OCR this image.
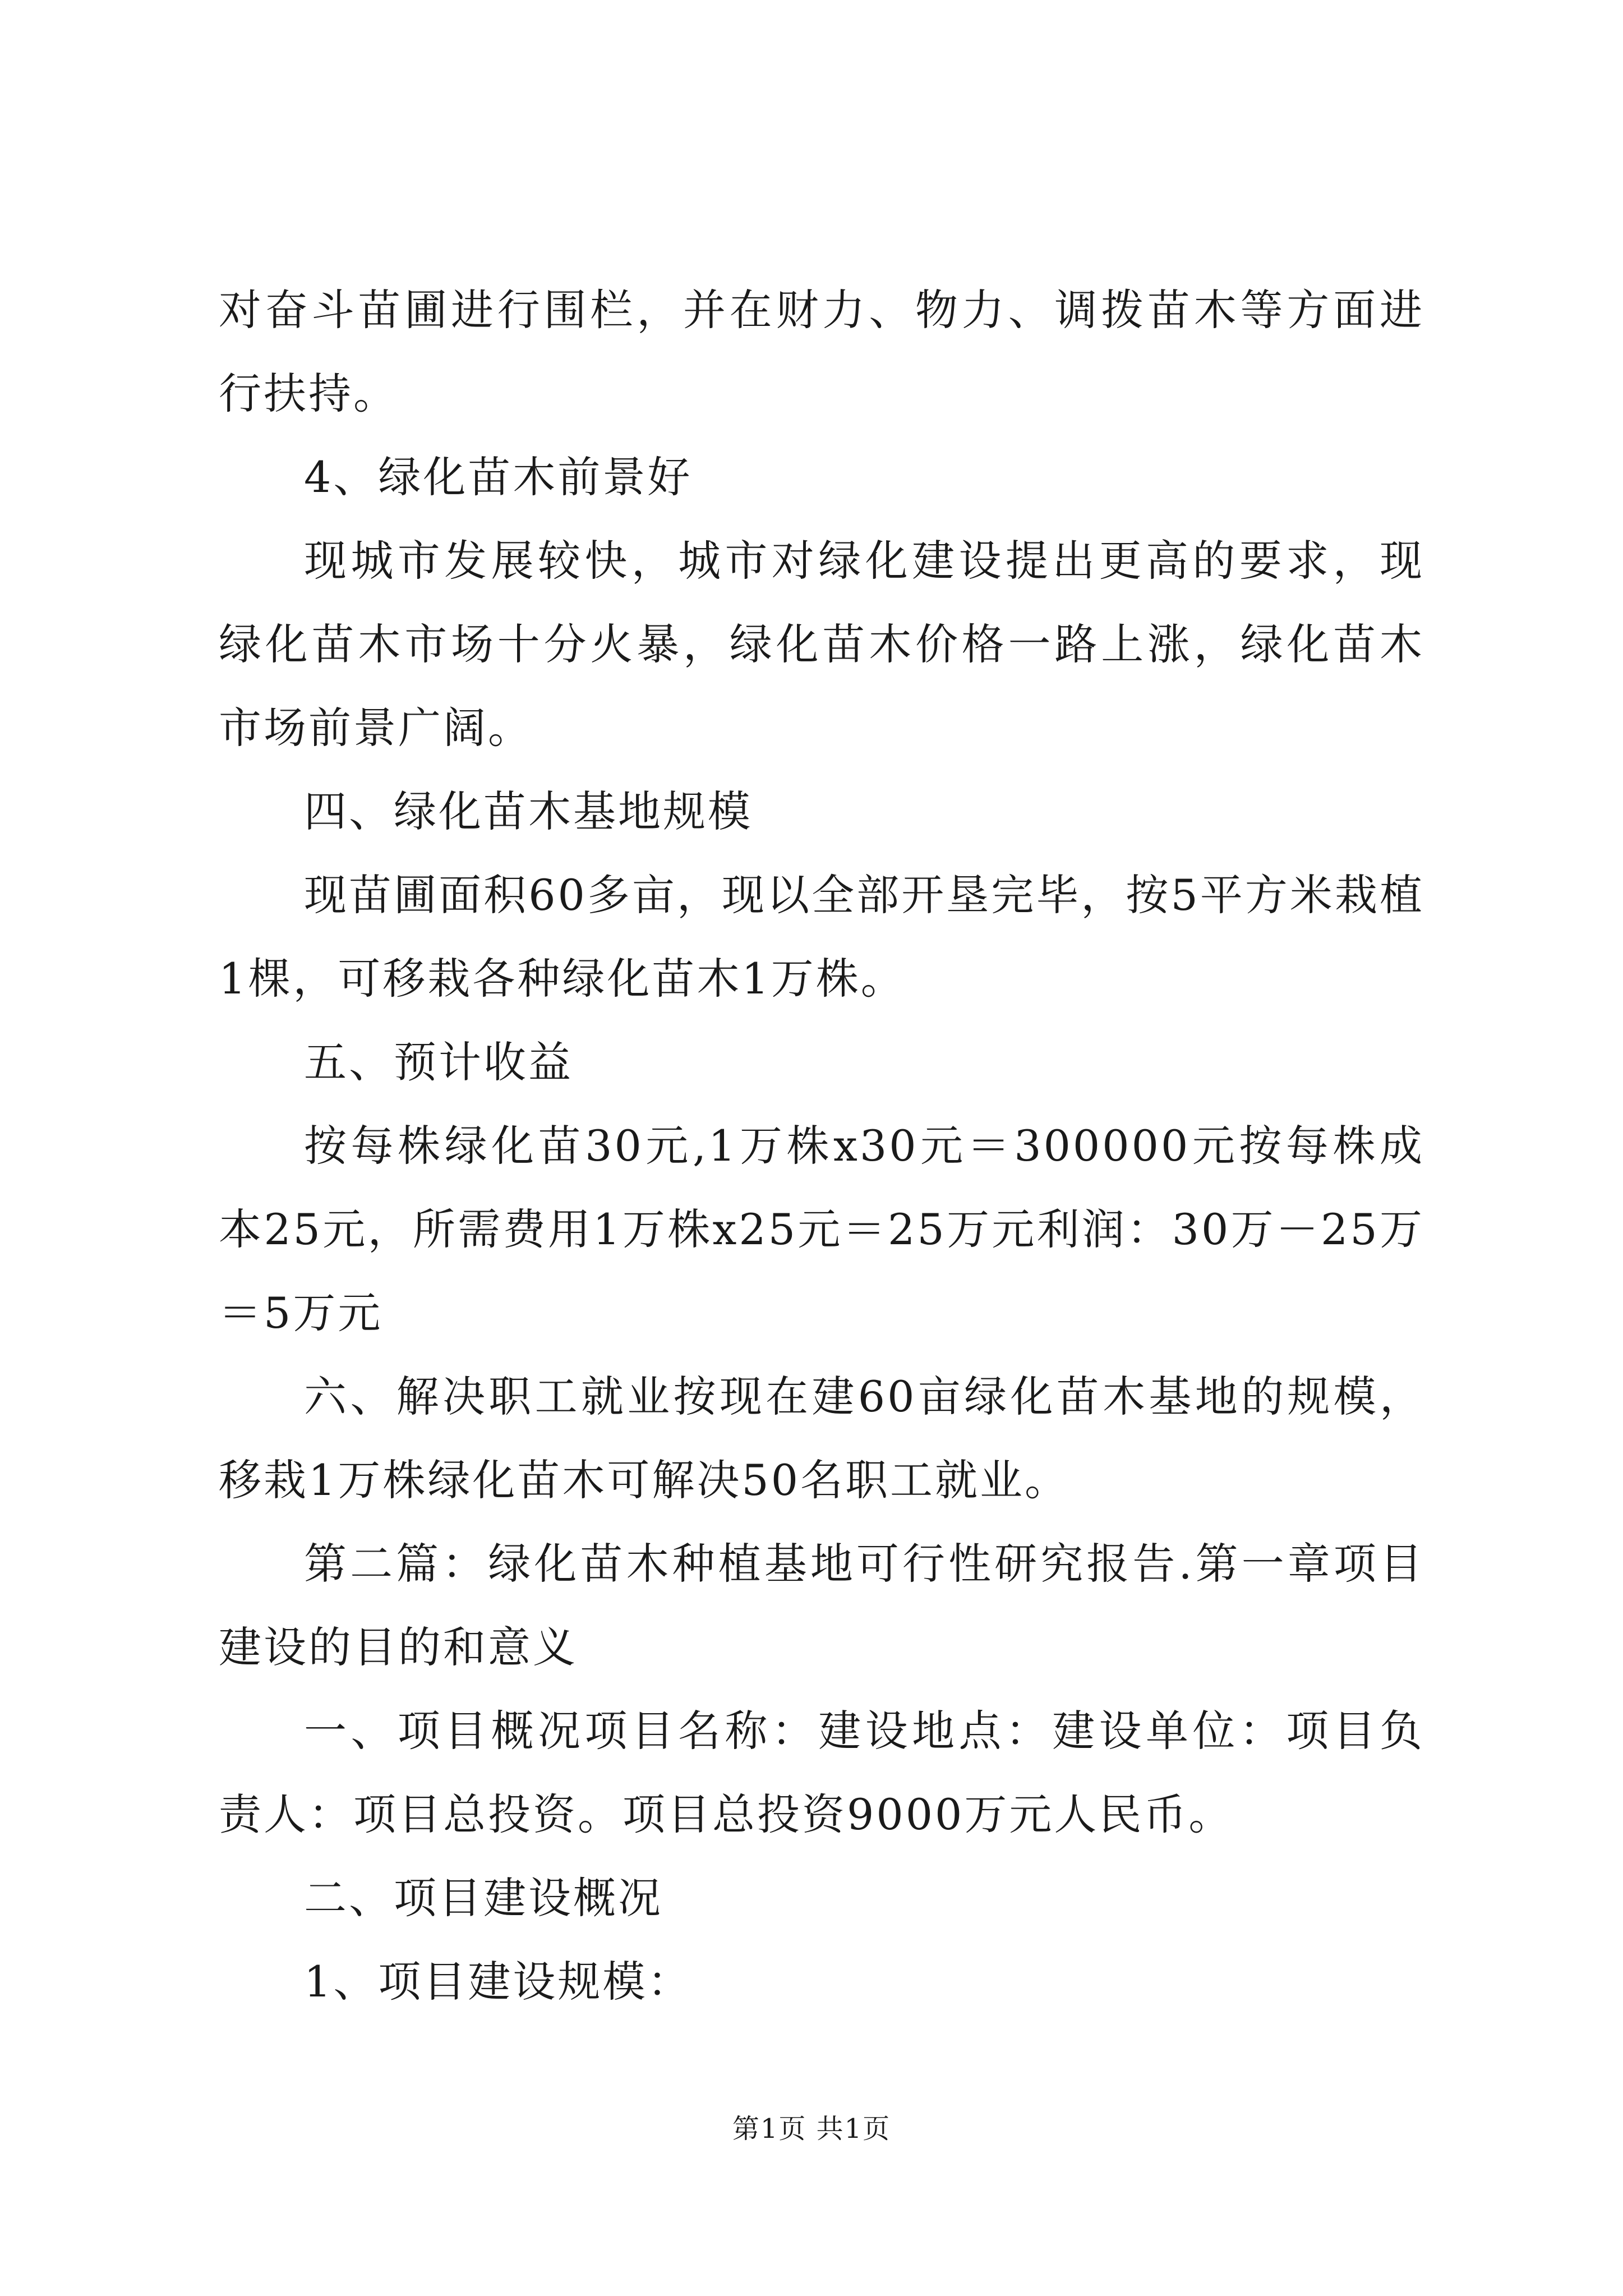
对奋斗苗圃进行围栏，并在财力、物力、调拨苗木等方面进行扶持。

4、绿化苗木前景好

现城市发展较快，城市对绿化建设提出更高的要求，现绿化苗木市场十分火暴，绿化苗木价格一路上涨，绿化苗木市场前景广阔。

四、绿化苗木基地规模

现苗圃面积60多亩，现以全部开垦完毕，按5平方米栽植1棵，可移栽各种绿化苗木1万株。

五、预计收益

按每株绿化苗30元,1万株x30元＝300000元按每株成本25元，所需费用1万株x25元＝25万元利润：30万－25万＝5万元

六、解决职工就业按现在建60亩绿化苗木基地的规模，移栽1万株绿化苗木可解决50名职工就业。

第二篇：绿化苗木种植基地可行性研究报告.第一章项目建设的目的和意义

一、项目概况项目名称：建设地点：建设单位：项目负责人：项目总投资。项目总投资9000万元人民币。

二、项目建设概况

1、项目建设规模：

第1页 共1页
